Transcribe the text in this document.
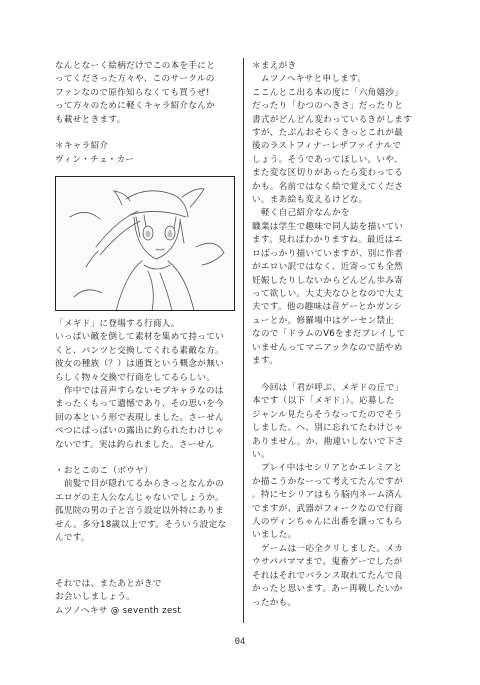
なんとなーく絵柄だけでこの本を手にと
ってくださった方々や、このサークルの
ファンなので原作知らなくても買うぜ!
って方々のために軽くキャラ紹介なんか
も載せときます。
＊キャラ紹介
ヴィン・チュ・カー
「メギド」に登場する行商人。
いっぱい敵を倒して素材を集めて持ってい
くと、パンツと交換してくれる素敵な方。
彼女の種族（？）は通貨という概念が無い
らしく物々交換で行商をしてるらしい。
　作中では音声すらないモブキャラなのは
まったくもって遺憾であり、その思いを今
回の本という形で表現しました。さーせん
ぺつにぱっぱいの露出に釣られたわけじゃ
ないです。実は釣られました。さーせん
・おとこのこ（ボウヤ）
　前髪で目が隠れてるからきっとなんかの
エロゲの主人公なんじゃないでしょうか。
孤児院の男の子と言う設定以外特にありま
せん。多分18歳以上です。そういう設定な
んです。
それでは、またあとがきで
お会いしましょう。
ムツノヘキサ @ seventh zest
＊まえがき
　ムツノヘキサと申します。
ここんとこ出る本の度に「六角嬉沙」
だったり「むつのへきさ」だったりと
書式がどんどん変わっているきがします
すが、たぶんおそらくきっとこれが最
後のラストフィナーレザファイナルで
しょう。そうであってほしい。いや、
また変な区切りがあったら変わってる
かも。名前ではなく絵で覚えてくださ
い。まあ絵も変えるけどな。
　軽く自己紹介なんかを
職業は学生で趣味で同人誌を描いてい
ます。見ればわかりますね。最近はエ
ロばっかり描いていますが、別に作者
がエロい訳ではなく、近寄っても全然
妊娠したりしないからどんどん歩み寄
って欲しい。大丈夫なひとなので大丈
夫です。他の趣味は音ゲーとかガンシ
ューとか。修羅場中はゲーセン禁止
なので「ドラムのV6をまだプレイして
いませんってマニアックなので話やめ
ます。
　今回は「君が呼ぶ、メギドの丘で」
本です（以下「メギド」）。応募した
ジャンル見たらそうなってたのでそう
しました。へ、別に忘れてたわけじゃ
ありません。か、勘違いしないで下さ
い。
　プレイ中はセシリアとかエレミアと
か描こうかなーって考えてたんですが
。特にセシリアはもう脳内ネーム済ん
でますが、武器がフォークなので行商
人のヴィンちゃんに出番を譲ってもら
いました。
　ゲームは一応全クリしました。メカ
ウサパパママまで。鬼畜ゲーでしたが
それはそれでバランス取れてたんで良
かったと思います。あー再戦したいか
ったかも。
04
